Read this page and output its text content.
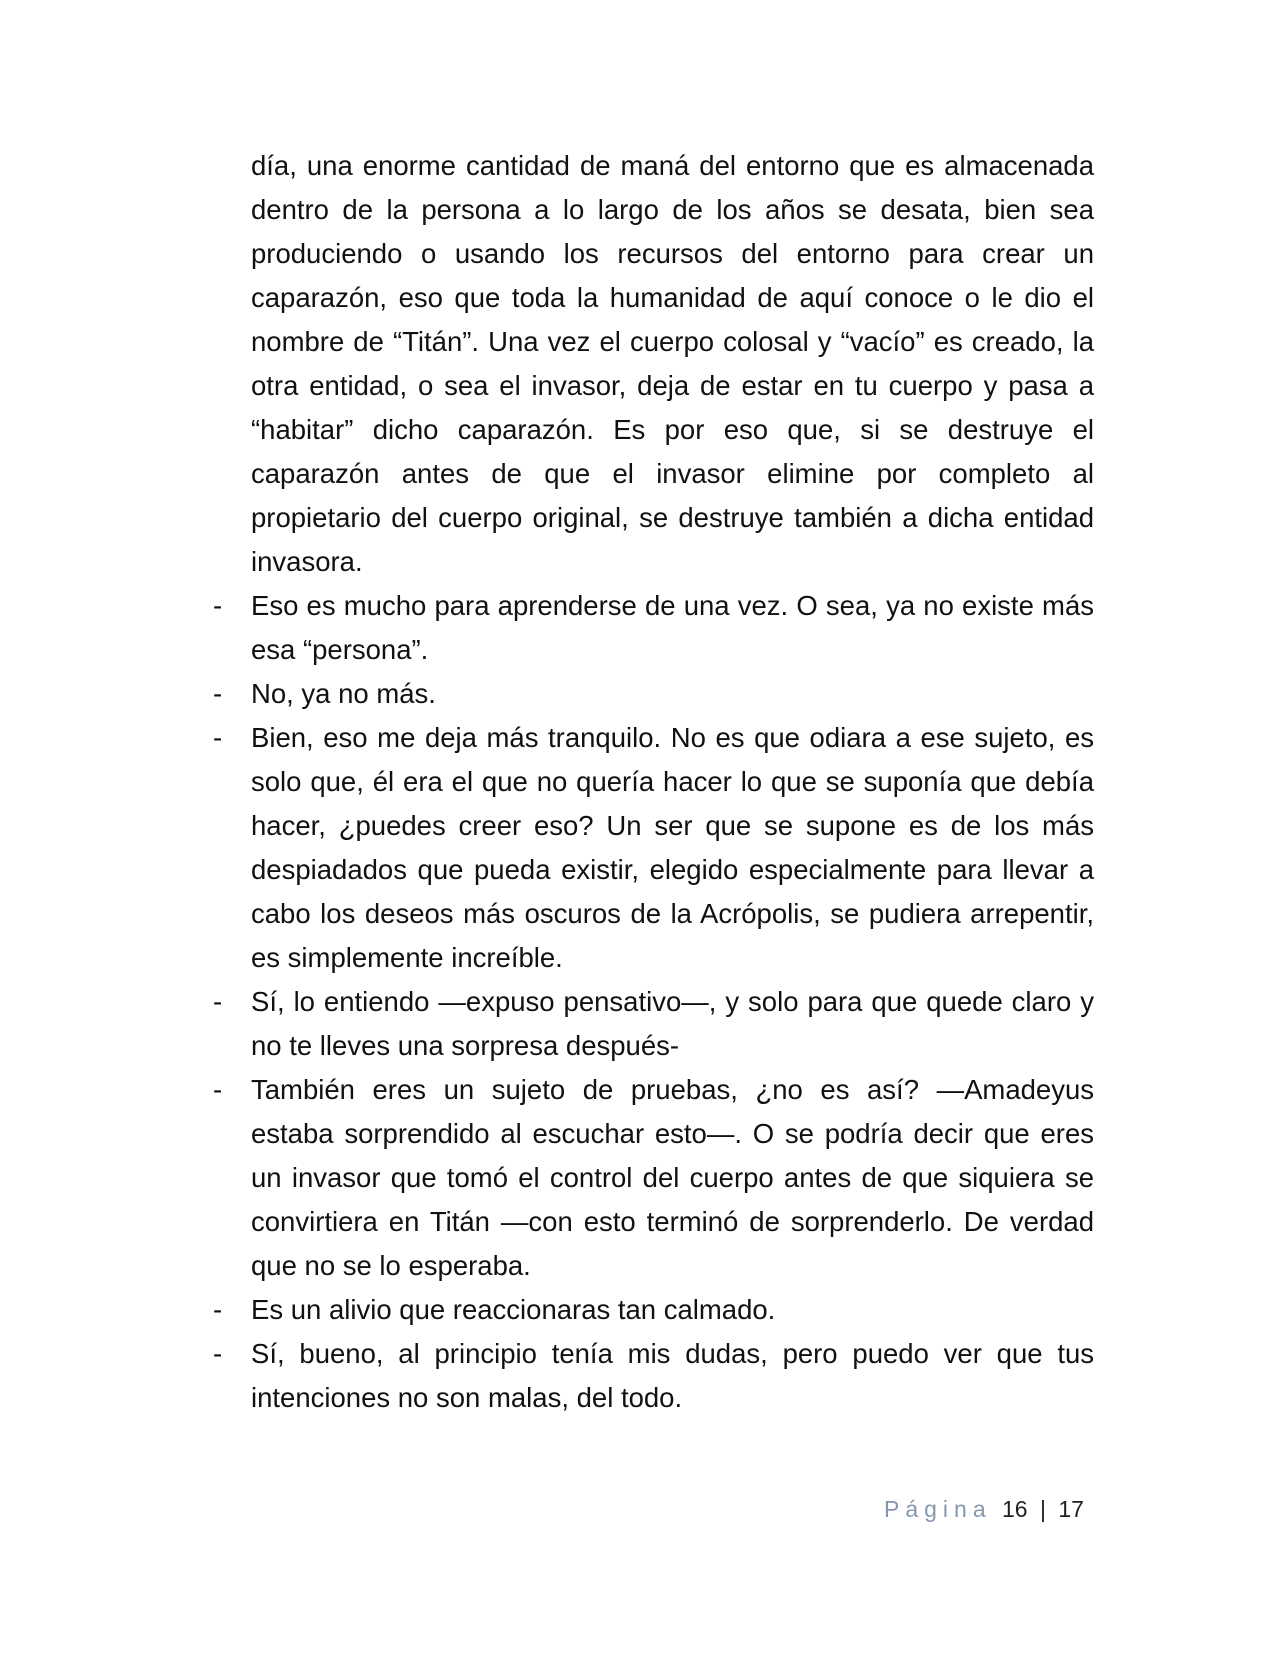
día, una enorme cantidad de maná del entorno que es almacenada dentro de la persona a lo largo de los años se desata, bien sea produciendo o usando los recursos del entorno para crear un caparazón, eso que toda la humanidad de aquí conoce o le dio el nombre de “Titán”. Una vez el cuerpo colosal y “vacío” es creado, la otra entidad, o sea el invasor, deja de estar en tu cuerpo y pasa a “habitar” dicho caparazón. Es por eso que, si se destruye el caparazón antes de que el invasor elimine por completo al propietario del cuerpo original, se destruye también a dicha entidad invasora.

-	Eso es mucho para aprenderse de una vez. O sea, ya no existe más esa “persona”.

-	No, ya no más.

-	Bien, eso me deja más tranquilo. No es que odiara a ese sujeto, es solo que, él era el que no quería hacer lo que se suponía que debía hacer, ¿puedes creer eso? Un ser que se supone es de los más despiadados que pueda existir, elegido especialmente para llevar a cabo los deseos más oscuros de la Acrópolis, se pudiera arrepentir, es simplemente increíble.

-	Sí, lo entiendo —expuso pensativo—, y solo para que quede claro y no te lleves una sorpresa después-

-	También eres un sujeto de pruebas, ¿no es así? —Amadeyus estaba sorprendido al escuchar esto—. O se podría decir que eres un invasor que tomó el control del cuerpo antes de que siquiera se convirtiera en Titán —con esto terminó de sorprenderlo. De verdad que no se lo esperaba.

-	Es un alivio que reaccionaras tan calmado.

-	Sí, bueno, al principio tenía mis dudas, pero puedo ver que tus intenciones no son malas, del todo.

Página 16 | 17
